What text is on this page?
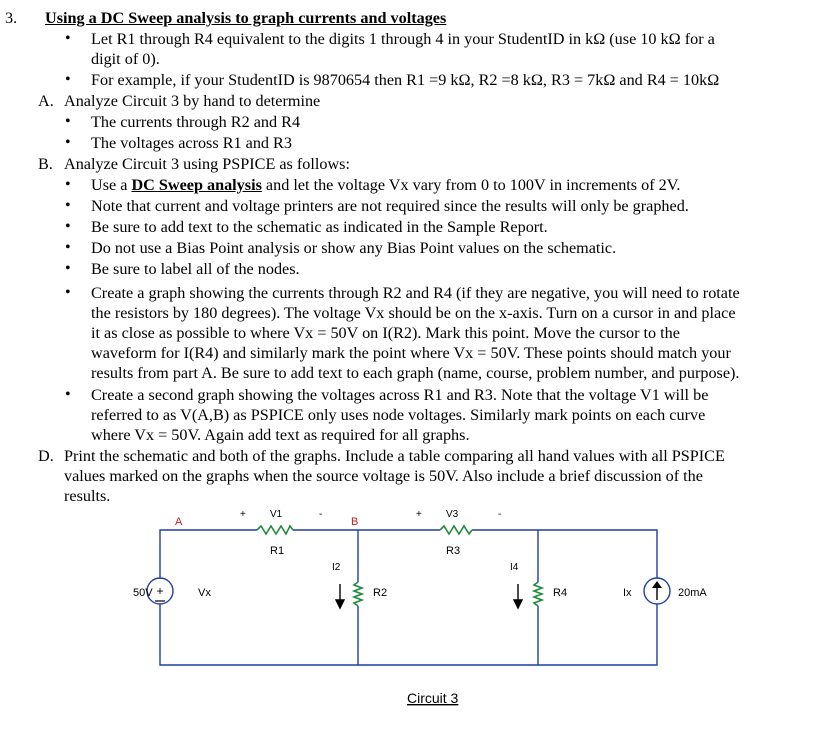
3. Using a DC Sweep analysis to graph currents and voltages
• Let R1 through R4 equivalent to the digits 1 through 4 in your StudentID in kΩ (use 10 kΩ for a
digit of 0).
• For example, if your StudentID is 9870654 then R1 =9 kΩ, R2 =8 kΩ, R3 = 7kΩ and R4 = 10kΩ
A. Analyze Circuit 3 by hand to determine
• The currents through R2 and R4
• The voltages across R1 and R3
B. Analyze Circuit 3 using PSPICE as follows:
• Use a DC Sweep analysis and let the voltage Vx vary from 0 to 100V in increments of 2V.
• Note that current and voltage printers are not required since the results will only be graphed.
• Be sure to add text to the schematic as indicated in the Sample Report.
• Do not use a Bias Point analysis or show any Bias Point values on the schematic.
• Be sure to label all of the nodes.
• Create a graph showing the currents through R2 and R4 (if they are negative, you will need to rotate
the resistors by 180 degrees). The voltage Vx should be on the x-axis. Turn on a cursor in and place
it as close as possible to where Vx = 50V on I(R2). Mark this point. Move the cursor to the
waveform for I(R4) and similarly mark the point where Vx = 50V. These points should match your
results from part A. Be sure to add text to each graph (name, course, problem number, and purpose).
• Create a second graph showing the voltages across R1 and R3. Note that the voltage V1 will be
referred to as V(A,B) as PSPICE only uses node voltages. Similarly mark points on each curve
where Vx = 50V. Again add text as required for all graphs.
D. Print the schematic and both of the graphs. Include a table comparing all hand values with all PSPICE
values marked on the graphs when the source voltage is 50V. Also include a brief discussion of the
results.
+
50V	Vx
A	B
+ V1	-
R1
+ V3	-
R3
I2
R2
I4
R4	Ix	20mA
Circuit 3
